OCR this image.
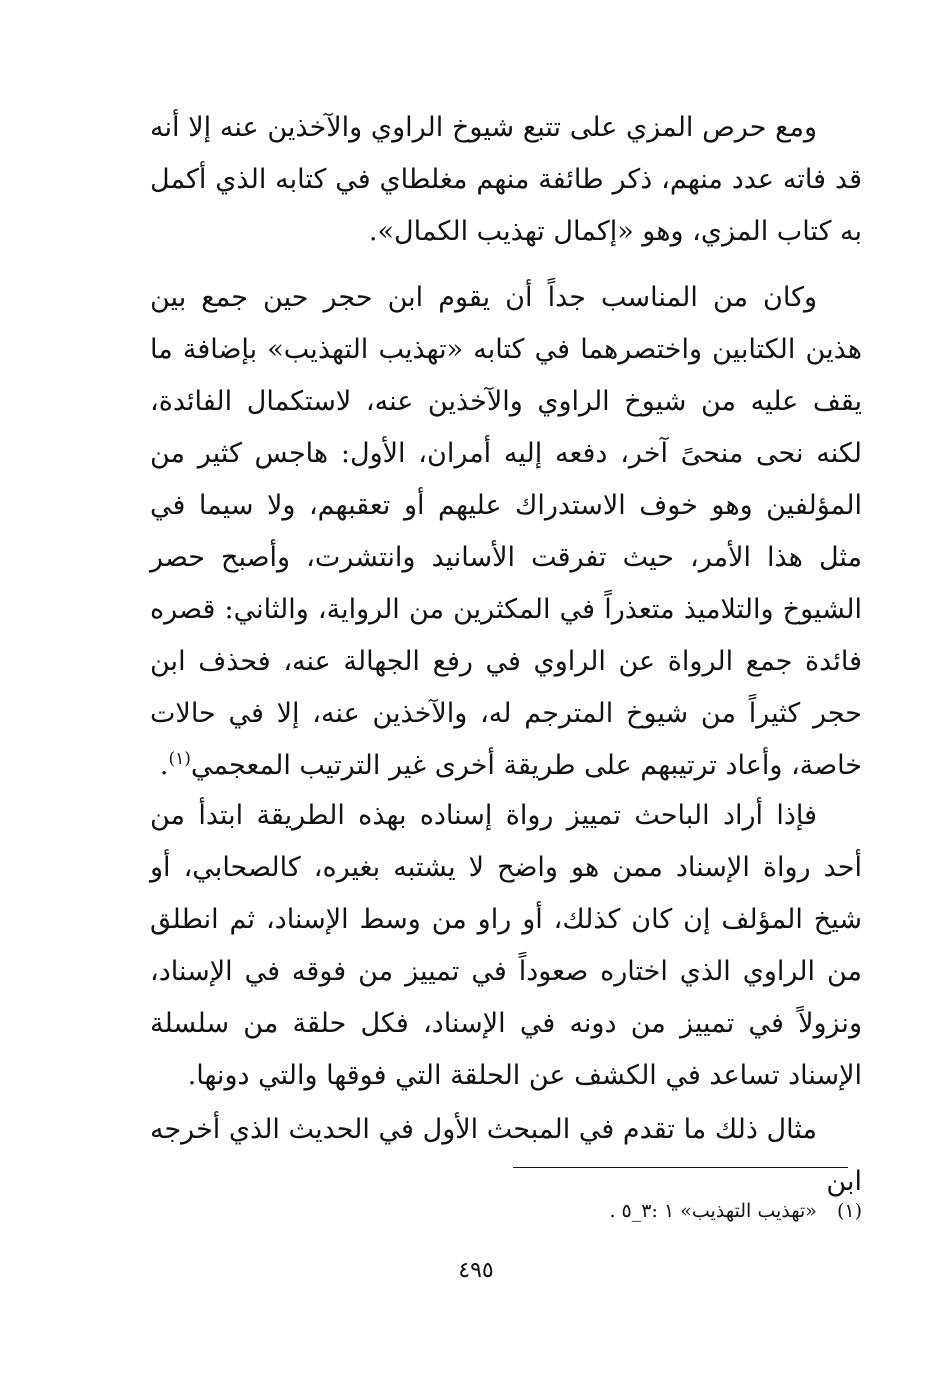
ومع حرص المزي على تتبع شيوخ الراوي والآخذين عنه إلا أنه قد فاته عدد منهم، ذكر طائفة منهم مغلطاي في كتابه الذي أكمل به كتاب المزي، وهو «إكمال تهذيب الكمال».

وكان من المناسب جداً أن يقوم ابن حجر حين جمع بين هذين الكتابين واختصرهما في كتابه «تهذيب التهذيب» بإضافة ما يقف عليه من شيوخ الراوي والآخذين عنه، لاستكمال الفائدة، لكنه نحى منحىً آخر، دفعه إليه أمران، الأول: هاجس كثير من المؤلفين وهو خوف الاستدراك عليهم أو تعقبهم، ولا سيما في مثل هذا الأمر، حيث تفرقت الأسانيد وانتشرت، وأصبح حصر الشيوخ والتلاميذ متعذراً في المكثرين من الرواية، والثاني: قصره فائدة جمع الرواة عن الراوي في رفع الجهالة عنه، فحذف ابن حجر كثيراً من شيوخ المترجم له، والآخذين عنه، إلا في حالات خاصة، وأعاد ترتيبهم على طريقة أخرى غير الترتيب المعجمي$^{(١)}$.

فإذا أراد الباحث تمييز رواة إسناده بهذه الطريقة ابتدأ من أحد رواة الإسناد ممن هو واضح لا يشتبه بغيره، كالصحابي، أو شيخ المؤلف إن كان كذلك، أو راو من وسط الإسناد، ثم انطلق من الراوي الذي اختاره صعوداً في تمييز من فوقه في الإسناد، ونزولاً في تمييز من دونه في الإسناد، فكل حلقة من سلسلة الإسناد تساعد في الكشف عن الحلقة التي فوقها والتي دونها.

مثال ذلك ما تقدم في المبحث الأول في الحديث الذي أخرجه ابن

(١)«تهذيب التهذيب» ١ :٣_٥ .
٤٩٥
